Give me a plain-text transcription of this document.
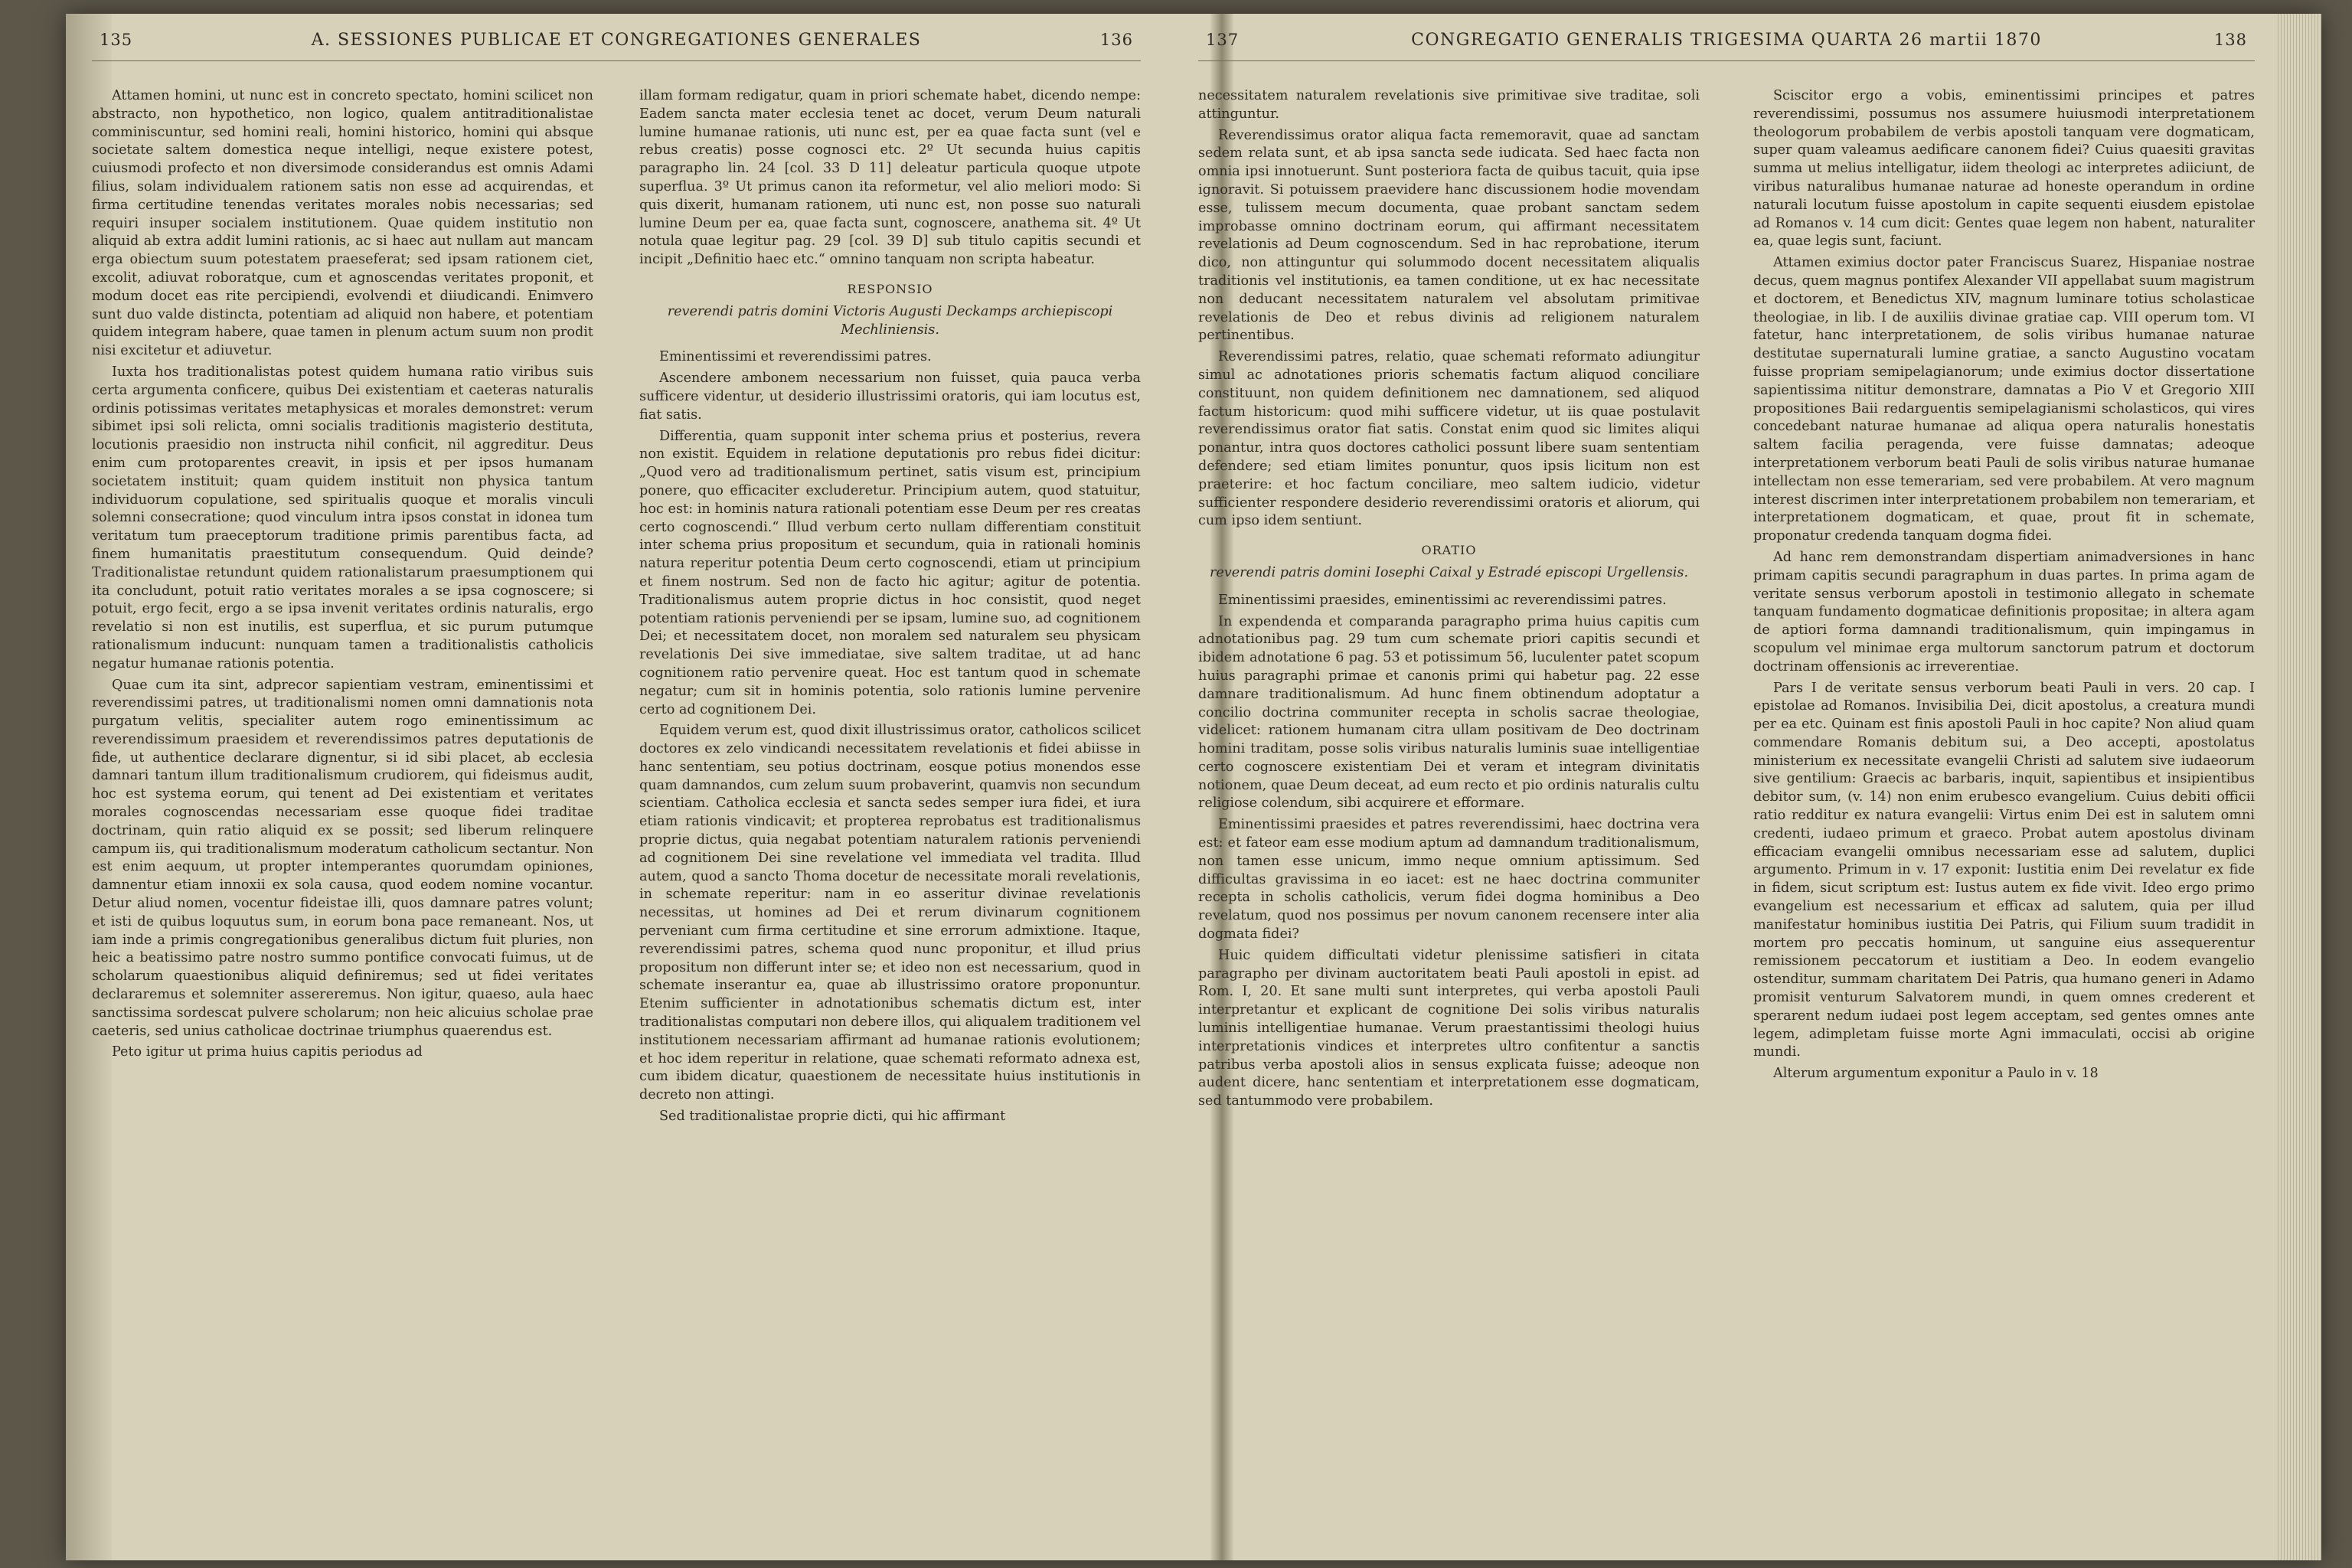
135	A. SESSIONES PUBLICAE ET CONGREGATIONES GENERALES	136

Attamen homini, ut nunc est in concreto spectato, homini scilicet non abstracto, non hypothetico, non logico, qualem antitraditionalistae comminiscuntur, sed homini reali, homini historico, homini qui absque societate saltem domestica neque intelligi, neque existere potest, cuiusmodi profecto et non diversimode considerandus est omnis Adami filius, solam individualem rationem satis non esse ad acquirendas, et firma certitudine tenendas veritates morales nobis necessarias; sed requiri insuper socialem institutionem. Quae quidem institutio non aliquid ab extra addit lumini rationis, ac si haec aut nullam aut mancam erga obiectum suum potestatem praeseferat; sed ipsam rationem ciet, excolit, adiuvat roboratque, cum et agnoscendas veritates proponit, et modum docet eas rite percipiendi, evolvendi et diiudicandi. Enimvero sunt duo valde distincta, potentiam ad aliquid non habere, et potentiam quidem integram habere, quae tamen in plenum actum suum non prodit nisi excitetur et adiuvetur.

Iuxta hos traditionalistas potest quidem humana ratio viribus suis certa argumenta conficere, quibus Dei existentiam et caeteras naturalis ordinis potissimas veritates metaphysicas et morales demonstret: verum sibimet ipsi soli relicta, omni socialis traditionis magisterio destituta, locutionis praesidio non instructa nihil conficit, nil aggreditur. Deus enim cum protoparentes creavit, in ipsis et per ipsos humanam societatem instituit; quam quidem instituit non physica tantum individuorum copulatione, sed spiritualis quoque et moralis vinculi solemni consecratione; quod vinculum intra ipsos constat in idonea tum veritatum tum praeceptorum traditione primis parentibus facta, ad finem humanitatis praestitutum consequendum. Quid deinde? Traditionalistae retundunt quidem rationalistarum praesumptionem qui ita concludunt, potuit ratio veritates morales a se ipsa cognoscere; si potuit, ergo fecit, ergo a se ipsa invenit veritates ordinis naturalis, ergo revelatio si non est inutilis, est superflua, et sic purum putumque rationalismum inducunt: nunquam tamen a traditionalistis catholicis negatur humanae rationis potentia.

Quae cum ita sint, adprecor sapientiam vestram, eminentissimi et reverendissimi patres, ut traditionalismi nomen omni damnationis nota purgatum velitis, specialiter autem rogo eminentissimum ac reverendissimum praesidem et reverendissimos patres deputationis de fide, ut authentice declarare dignentur, si id sibi placet, ab ecclesia damnari tantum illum traditionalismum crudiorem, qui fideismus audit, hoc est systema eorum, qui tenent ad Dei existentiam et veritates morales cognoscendas necessariam esse quoque fidei traditae doctrinam, quin ratio aliquid ex se possit; sed liberum relinquere campum iis, qui traditionalismum moderatum catholicum sectantur. Non est enim aequum, ut propter intemperantes quorumdam opiniones, damnentur etiam innoxii ex sola causa, quod eodem nomine vocantur. Detur aliud nomen, vocentur fideistae illi, quos damnare patres volunt; et isti de quibus loquutus sum, in eorum bona pace remaneant. Nos, ut iam inde a primis congregationibus generalibus dictum fuit pluries, non heic a beatissimo patre nostro summo pontifice convocati fuimus, ut de scholarum quaestionibus aliquid definiremus; sed ut fidei veritates declararemus et solemniter assereremus. Non igitur, quaeso, aula haec sanctissima sordescat pulvere scholarum; non heic alicuius scholae prae caeteris, sed unius catholicae doctrinae triumphus quaerendus est.

Peto igitur ut prima huius capitis periodus ad

illam formam redigatur, quam in priori schemate habet, dicendo nempe: Eadem sancta mater ecclesia tenet ac docet, verum Deum naturali lumine humanae rationis, uti nunc est, per ea quae facta sunt (vel e rebus creatis) posse cognosci etc. 2º Ut secunda huius capitis paragrapho lin. 24 [col. 33 D 11] deleatur particula quoque utpote superflua. 3º Ut primus canon ita reformetur, vel alio meliori modo: Si quis dixerit, humanam rationem, uti nunc est, non posse suo naturali lumine Deum per ea, quae facta sunt, cognoscere, anathema sit. 4º Ut notula quae legitur pag. 29 [col. 39 D] sub titulo capitis secundi et incipit „Definitio haec etc.“ omnino tanquam non scripta habeatur.

RESPONSIO
reverendi patris domini Victoris Augusti Deckamps archiepiscopi Mechliniensis.

Eminentissimi et reverendissimi patres.

Ascendere ambonem necessarium non fuisset, quia pauca verba sufficere videntur, ut desiderio illustrissimi oratoris, qui iam locutus est, fiat satis.

Differentia, quam supponit inter schema prius et posterius, revera non existit. Equidem in relatione deputationis pro rebus fidei dicitur: „Quod vero ad traditionalismum pertinet, satis visum est, principium ponere, quo efficaciter excluderetur. Principium autem, quod statuitur, hoc est: in hominis natura rationali potentiam esse Deum per res creatas certo cognoscendi.“ Illud verbum certo nullam differentiam constituit inter schema prius propositum et secundum, quia in rationali hominis natura reperitur potentia Deum certo cognoscendi, etiam ut principium et finem nostrum. Sed non de facto hic agitur; agitur de potentia. Traditionalismus autem proprie dictus in hoc consistit, quod neget potentiam rationis perveniendi per se ipsam, lumine suo, ad cognitionem Dei; et necessitatem docet, non moralem sed naturalem seu physicam revelationis Dei sive immediatae, sive saltem traditae, ut ad hanc cognitionem ratio pervenire queat. Hoc est tantum quod in schemate negatur; cum sit in hominis potentia, solo rationis lumine pervenire certo ad cognitionem Dei.

Equidem verum est, quod dixit illustrissimus orator, catholicos scilicet doctores ex zelo vindicandi necessitatem revelationis et fidei abiisse in hanc sententiam, seu potius doctrinam, eosque potius monendos esse quam damnandos, cum zelum suum probaverint, quamvis non secundum scientiam. Catholica ecclesia et sancta sedes semper iura fidei, et iura etiam rationis vindicavit; et propterea reprobatus est traditionalismus proprie dictus, quia negabat potentiam naturalem rationis perveniendi ad cognitionem Dei sine revelatione vel immediata vel tradita. Illud autem, quod a sancto Thoma docetur de necessitate morali revelationis, in schemate reperitur: nam in eo asseritur divinae revelationis necessitas, ut homines ad Dei et rerum divinarum cognitionem perveniant cum firma certitudine et sine errorum admixtione. Itaque, reverendissimi patres, schema quod nunc proponitur, et illud prius propositum non differunt inter se; et ideo non est necessarium, quod in schemate inserantur ea, quae ab illustrissimo oratore proponuntur. Etenim sufficienter in adnotationibus schematis dictum est, inter traditionalistas computari non debere illos, qui aliqualem traditionem vel institutionem necessariam affirmant ad humanae rationis evolutionem; et hoc idem reperitur in relatione, quae schemati reformato adnexa est, cum ibidem dicatur, quaestionem de necessitate huius institutionis in decreto non attingi.

Sed traditionalistae proprie dicti, qui hic affirmant

137	CONGREGATIO GENERALIS TRIGESIMA QUARTA 26 martii 1870	138

necessitatem naturalem revelationis sive primitivae sive traditae, soli attinguntur.

Reverendissimus orator aliqua facta rememoravit, quae ad sanctam sedem relata sunt, et ab ipsa sancta sede iudicata. Sed haec facta non omnia ipsi innotuerunt. Sunt posteriora facta de quibus tacuit, quia ipse ignoravit. Si potuissem praevidere hanc discussionem hodie movendam esse, tulissem mecum documenta, quae probant sanctam sedem improbasse omnino doctrinam eorum, qui affirmant necessitatem revelationis ad Deum cognoscendum. Sed in hac reprobatione, iterum dico, non attinguntur qui solummodo docent necessitatem aliqualis traditionis vel institutionis, ea tamen conditione, ut ex hac necessitate non deducant necessitatem naturalem vel absolutam primitivae revelationis de Deo et rebus divinis ad religionem naturalem pertinentibus.

Reverendissimi patres, relatio, quae schemati reformato adiungitur simul ac adnotationes prioris schematis factum aliquod conciliare constituunt, non quidem definitionem nec damnationem, sed aliquod factum historicum: quod mihi sufficere videtur, ut iis quae postulavit reverendissimus orator fiat satis. Constat enim quod sic limites aliqui ponantur, intra quos doctores catholici possunt libere suam sententiam defendere; sed etiam limites ponuntur, quos ipsis licitum non est praeterire: et hoc factum conciliare, meo saltem iudicio, videtur sufficienter respondere desiderio reverendissimi oratoris et aliorum, qui cum ipso idem sentiunt.

ORATIO
reverendi patris domini Iosephi Caixal y Estradé episcopi Urgellensis.

Eminentissimi praesides, eminentissimi ac reverendissimi patres.

In expendenda et comparanda paragrapho prima huius capitis cum adnotationibus pag. 29 tum cum schemate priori capitis secundi et ibidem adnotatione 6 pag. 53 et potissimum 56, luculenter patet scopum huius paragraphi primae et canonis primi qui habetur pag. 22 esse damnare traditionalismum. Ad hunc finem obtinendum adoptatur a concilio doctrina communiter recepta in scholis sacrae theologiae, videlicet: rationem humanam citra ullam positivam de Deo doctrinam homini traditam, posse solis viribus naturalis luminis suae intelligentiae certo cognoscere existentiam Dei et veram et integram divinitatis notionem, quae Deum deceat, ad eum recto et pio ordinis naturalis cultu religiose colendum, sibi acquirere et efformare.

Eminentissimi praesides et patres reverendissimi, haec doctrina vera est: et fateor eam esse modium aptum ad damnandum traditionalismum, non tamen esse unicum, immo neque omnium aptissimum. Sed difficultas gravissima in eo iacet: est ne haec doctrina communiter recepta in scholis catholicis, verum fidei dogma hominibus a Deo revelatum, quod nos possimus per novum canonem recensere inter alia dogmata fidei?

Huic quidem difficultati videtur plenissime satisfieri in citata paragrapho per divinam auctoritatem beati Pauli apostoli in epist. ad Rom. I, 20. Et sane multi sunt interpretes, qui verba apostoli Pauli interpretantur et explicant de cognitione Dei solis viribus naturalis luminis intelligentiae humanae. Verum praestantissimi theologi huius interpretationis vindices et interpretes ultro confitentur a sanctis patribus verba apostoli alios in sensus explicata fuisse; adeoque non audent dicere, hanc sententiam et interpretationem esse dogmaticam, sed tantummodo vere probabilem.

Sciscitor ergo a vobis, eminentissimi principes et patres reverendissimi, possumus nos assumere huiusmodi interpretationem theologorum probabilem de verbis apostoli tanquam vere dogmaticam, super quam valeamus aedificare canonem fidei? Cuius quaesiti gravitas summa ut melius intelligatur, iidem theologi ac interpretes adiiciunt, de viribus naturalibus humanae naturae ad honeste operandum in ordine naturali locutum fuisse apostolum in capite sequenti eiusdem epistolae ad Romanos v. 14 cum dicit: Gentes quae legem non habent, naturaliter ea, quae legis sunt, faciunt.

Attamen eximius doctor pater Franciscus Suarez, Hispaniae nostrae decus, quem magnus pontifex Alexander VII appellabat suum magistrum et doctorem, et Benedictus XIV, magnum luminare totius scholasticae theologiae, in lib. I de auxiliis divinae gratiae cap. VIII operum tom. VI fatetur, hanc interpretationem, de solis viribus humanae naturae destitutae supernaturali lumine gratiae, a sancto Augustino vocatam fuisse propriam semipelagianorum; unde eximius doctor dissertatione sapientissima nititur demonstrare, damnatas a Pio V et Gregorio XIII propositiones Baii redarguentis semipelagianismi scholasticos, qui vires concedebant naturae humanae ad aliqua opera naturalis honestatis saltem facilia peragenda, vere fuisse damnatas; adeoque interpretationem verborum beati Pauli de solis viribus naturae humanae intellectam non esse temerariam, sed vere probabilem. At vero magnum interest discrimen inter interpretationem probabilem non temerariam, et interpretationem dogmaticam, et quae, prout fit in schemate, proponatur credenda tanquam dogma fidei.

Ad hanc rem demonstrandam dispertiam animadversiones in hanc primam capitis secundi paragraphum in duas partes. In prima agam de veritate sensus verborum apostoli in testimonio allegato in schemate tanquam fundamento dogmaticae definitionis propositae; in altera agam de aptiori forma damnandi traditionalismum, quin impingamus in scopulum vel minimae erga multorum sanctorum patrum et doctorum doctrinam offensionis ac irreverentiae.

Pars I de veritate sensus verborum beati Pauli in vers. 20 cap. I epistolae ad Romanos. Invisibilia Dei, dicit apostolus, a creatura mundi per ea etc. Quinam est finis apostoli Pauli in hoc capite? Non aliud quam commendare Romanis debitum sui, a Deo accepti, apostolatus ministerium ex necessitate evangelii Christi ad salutem sive iudaeorum sive gentilium: Graecis ac barbaris, inquit, sapientibus et insipientibus debitor sum, (v. 14) non enim erubesco evangelium. Cuius debiti officii ratio redditur ex natura evangelii: Virtus enim Dei est in salutem omni credenti, iudaeo primum et graeco. Probat autem apostolus divinam efficaciam evangelii omnibus necessariam esse ad salutem, duplici argumento. Primum in v. 17 exponit: Iustitia enim Dei revelatur ex fide in fidem, sicut scriptum est: Iustus autem ex fide vivit. Ideo ergo primo evangelium est necessarium et efficax ad salutem, quia per illud manifestatur hominibus iustitia Dei Patris, qui Filium suum tradidit in mortem pro peccatis hominum, ut sanguine eius assequerentur remissionem peccatorum et iustitiam a Deo. In eodem evangelio ostenditur, summam charitatem Dei Patris, qua humano generi in Adamo promisit venturum Salvatorem mundi, in quem omnes crederent et sperarent nedum iudaei post legem acceptam, sed gentes omnes ante legem, adimpletam fuisse morte Agni immaculati, occisi ab origine mundi.

Alterum argumentum exponitur a Paulo in v. 18
